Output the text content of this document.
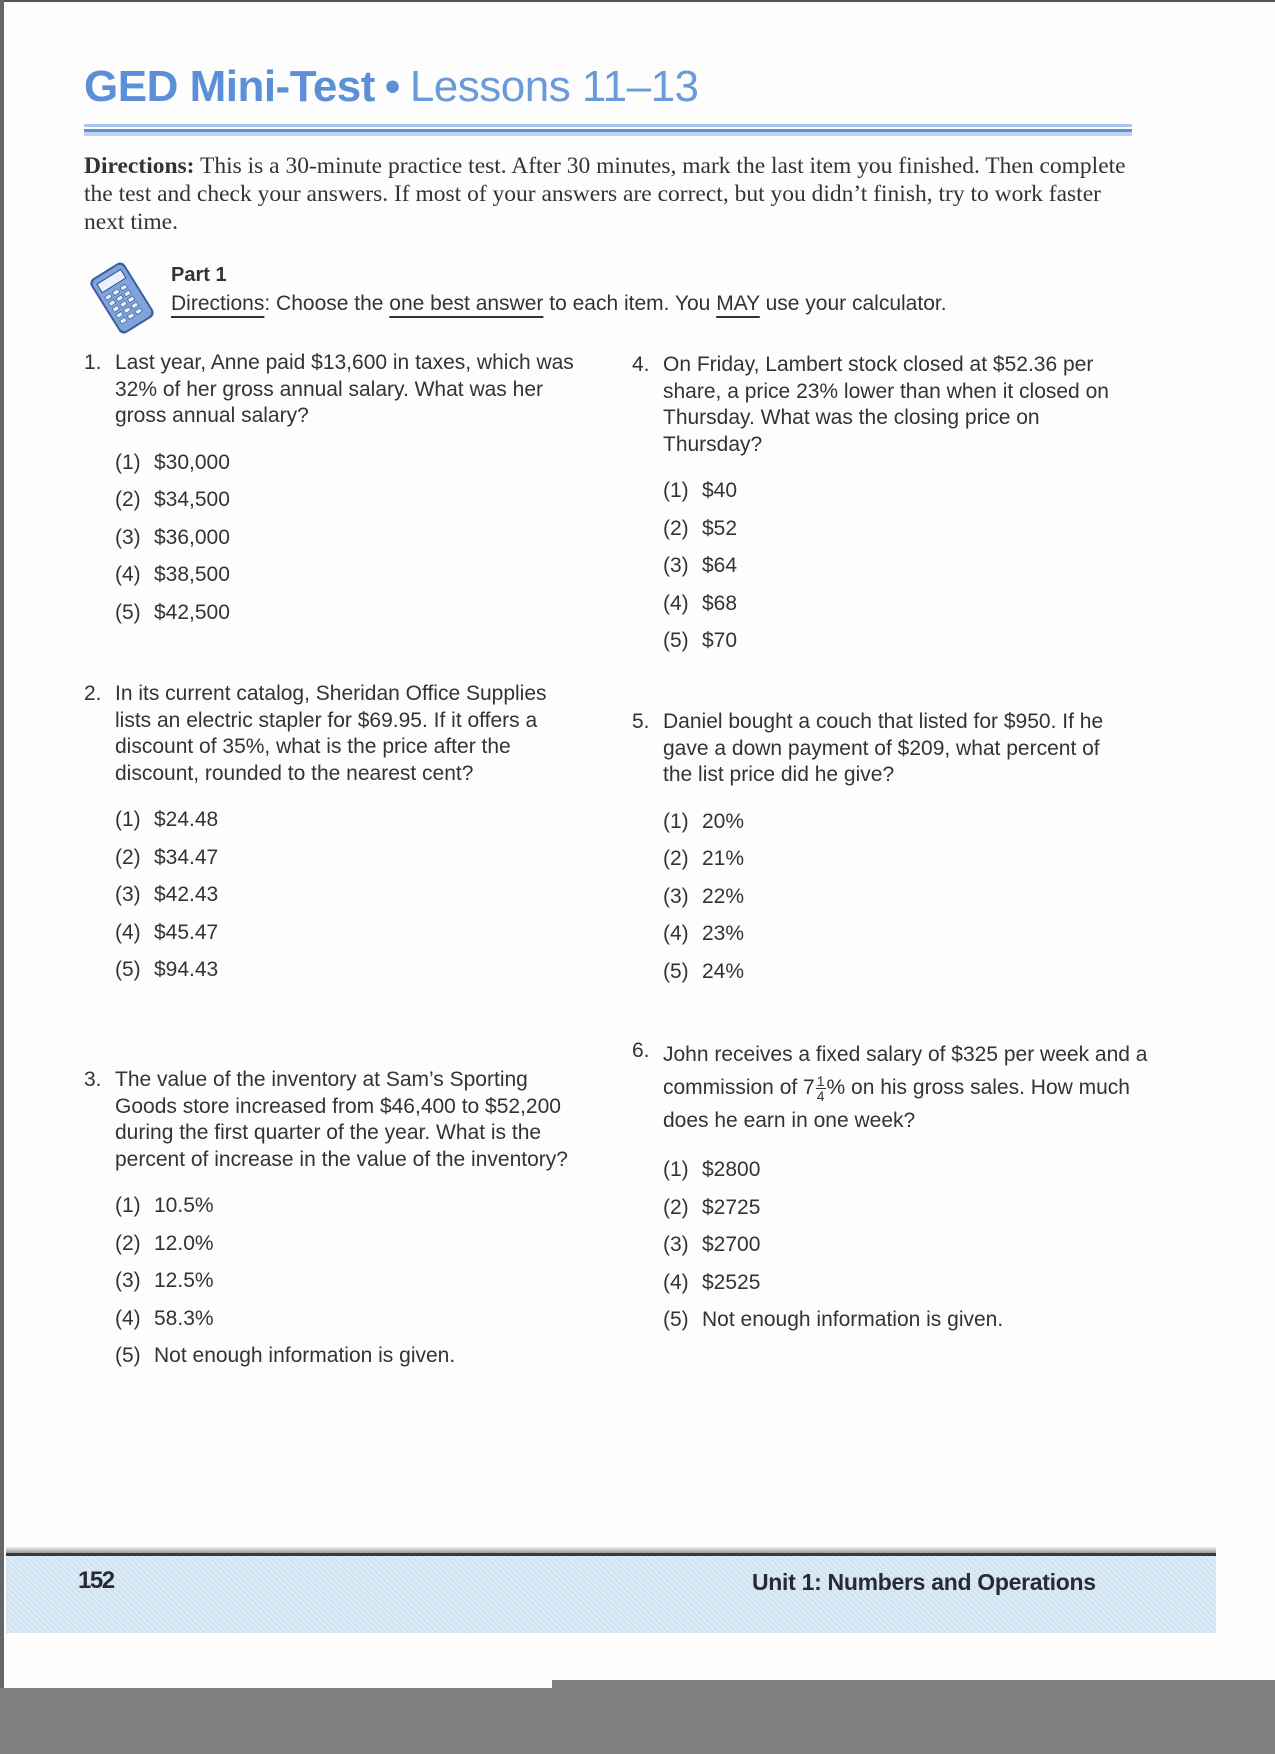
GED Mini-Test • Lessons 11–13
Directions: This is a 30-minute practice test. After 30 minutes, mark the last item you finished. Then complete the test and check your answers. If most of your answers are correct, but you didn’t finish, try to work faster next time.
Part 1
Directions: Choose the one best answer to each item. You MAY use your calculator.
1. Last year, Anne paid $13,600 in taxes, which was 32% of her gross annual salary. What was her gross annual salary?
(1) $30,000
(2) $34,500
(3) $36,000
(4) $38,500
(5) $42,500
2. In its current catalog, Sheridan Office Supplies lists an electric stapler for $69.95. If it offers a discount of 35%, what is the price after the discount, rounded to the nearest cent?
(1) $24.48
(2) $34.47
(3) $42.43
(4) $45.47
(5) $94.43
3. The value of the inventory at Sam’s Sporting Goods store increased from $46,400 to $52,200 during the first quarter of the year. What is the percent of increase in the value of the inventory?
(1) 10.5%
(2) 12.0%
(3) 12.5%
(4) 58.3%
(5) Not enough information is given.
4. On Friday, Lambert stock closed at $52.36 per share, a price 23% lower than when it closed on Thursday. What was the closing price on Thursday?
(1) $40
(2) $52
(3) $64
(4) $68
(5) $70
5. Daniel bought a couch that listed for $950. If he gave a down payment of $209, what percent of the list price did he give?
(1) 20%
(2) 21%
(3) 22%
(4) 23%
(5) 24%
6. John receives a fixed salary of $325 per week and a commission of $7 \frac{1}{4}$ % on his gross sales. How much does he earn in one week?
(1) $2800
(2) $2725
(3) $2700
(4) $2525
(5) Not enough information is given.
152	Unit 1: Numbers and Operations
